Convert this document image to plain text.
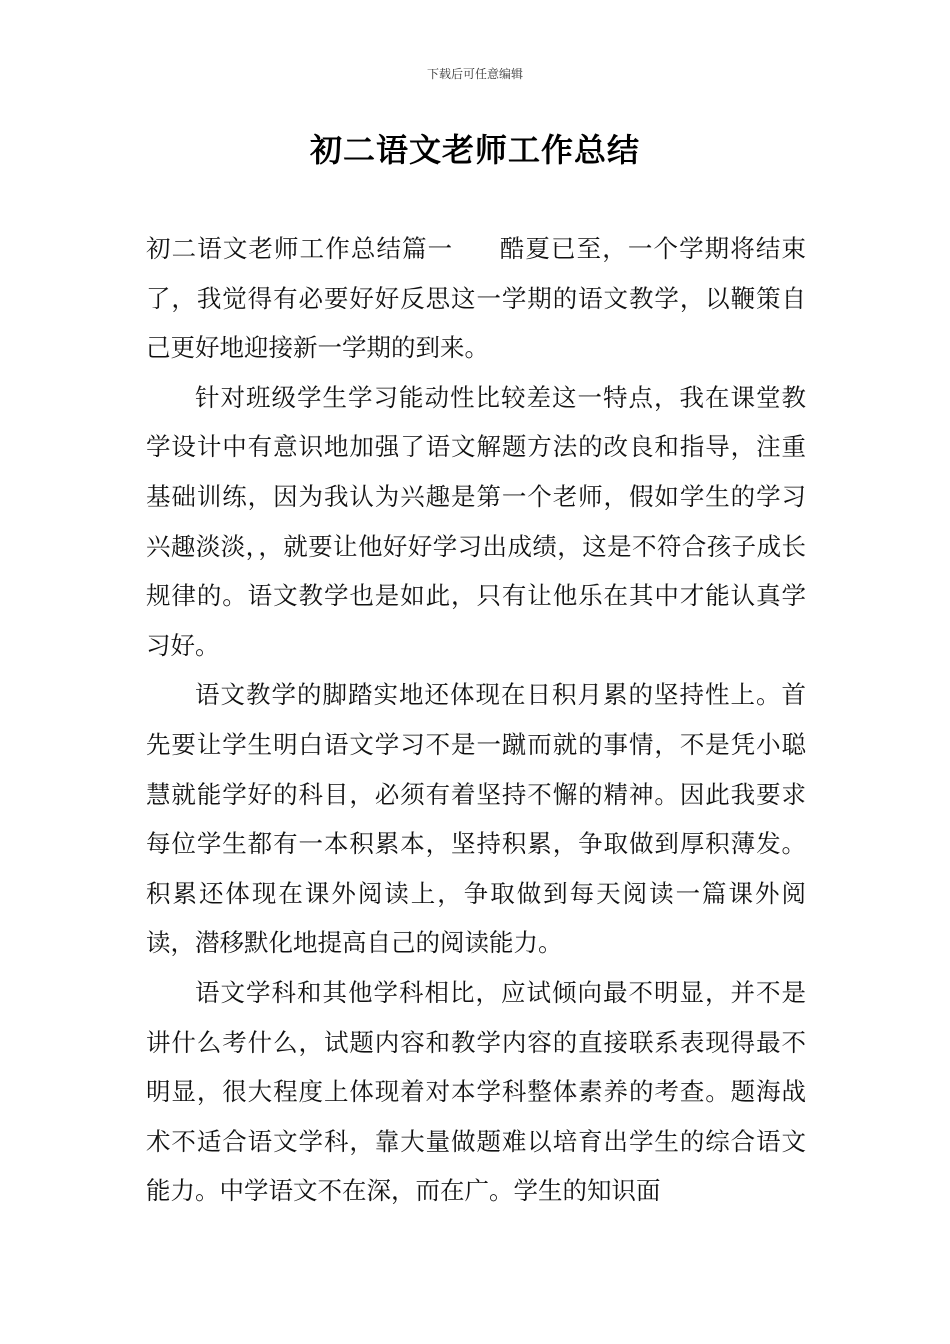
下载后可任意编辑
初二语文老师工作总结

初二语文老师工作总结篇一 酷夏已至，一个学期将结束了，我觉得有必要好好反思这一学期的语文教学，以鞭策自己更好地迎接新一学期的到来。

针对班级学生学习能动性比较差这一特点，我在课堂教学设计中有意识地加强了语文解题方法的改良和指导，注重基础训练，因为我认为兴趣是第一个老师，假如学生的学习兴趣淡淡，，就要让他好好学习出成绩，这是不符合孩子成长规律的。语文教学也是如此，只有让他乐在其中才能认真学习好。

语文教学的脚踏实地还体现在日积月累的坚持性上。首先要让学生明白语文学习不是一蹴而就的事情，不是凭小聪慧就能学好的科目，必须有着坚持不懈的精神。因此我要求每位学生都有一本积累本，坚持积累，争取做到厚积薄发。积累还体现在课外阅读上，争取做到每天阅读一篇课外阅读，潜移默化地提高自己的阅读能力。

语文学科和其他学科相比，应试倾向最不明显，并不是讲什么考什么，试题内容和教学内容的直接联系表现得最不明显，很大程度上体现着对本学科整体素养的考查。题海战术不适合语文学科，靠大量做题难以培育出学生的综合语文能力。中学语文不在深，而在广。学生的知识面
